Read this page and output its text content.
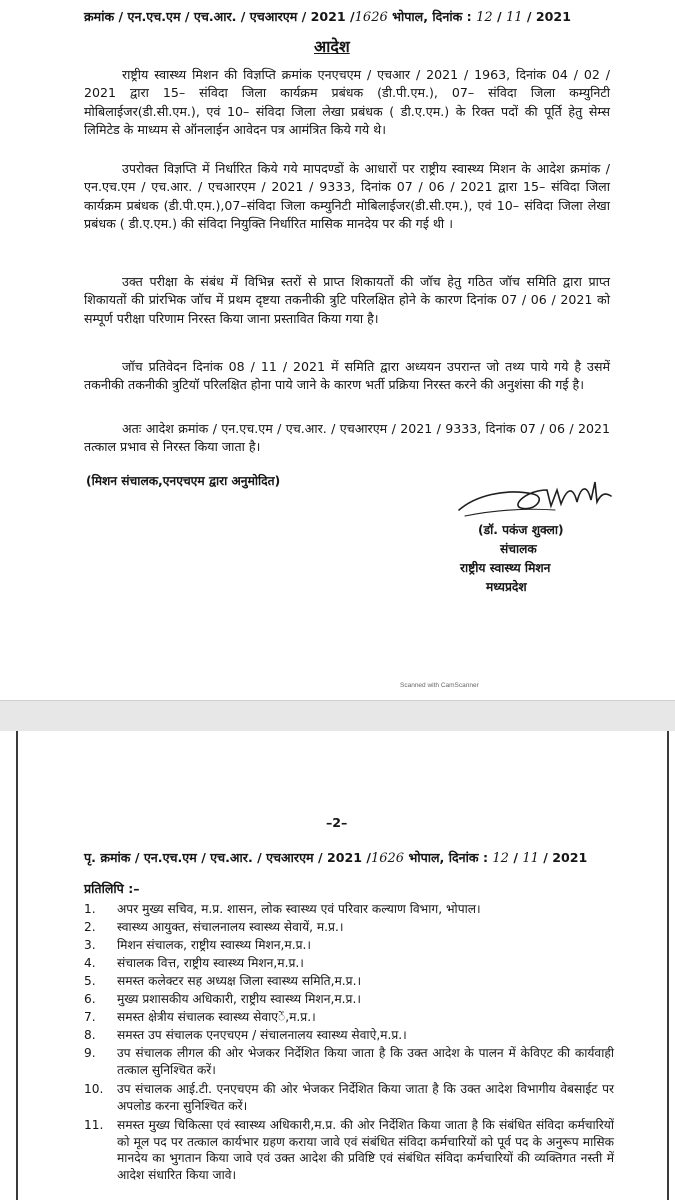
क्रमांक / एन.एच.एम / एच.आर. / एचआरएम / 2021 /1626 भोपाल, दिनांक : 12 / 11 / 2021
आदेश
राष्ट्रीय स्वास्थ्य मिशन की विज्ञप्ति क्रमांक एनएचएम / एचआर / 2021 / 1963, दिनांक 04 / 02 / 2021 द्वारा 15– संविदा जिला कार्यक्रम प्रबंधक (डी.पी.एम.), 07– संविदा जिला कम्युनिटी मोबिलाईजर(डी.सी.एम.), एवं 10– संविदा जिला लेखा प्रबंधक ( डी.ए.एम.) के रिक्त पदों की पूर्ति हेतु सेम्स लिमिटेड के माध्यम से ऑनलाईन आवेदन पत्र आमंत्रित किये गये थे।
उपरोक्त विज्ञप्ति में निर्धारित किये गये मापदण्डों के आधारों पर राष्ट्रीय स्वास्थ्य मिशन के आदेश क्रमांक / एन.एच.एम / एच.आर. / एचआरएम / 2021 / 9333, दिनांक 07 / 06 / 2021 द्वारा 15– संविदा जिला कार्यक्रम प्रबंधक (डी.पी.एम.),07–संविदा जिला कम्युनिटी मोबिलाईजर(डी.सी.एम.), एवं 10– संविदा जिला लेखा प्रबंधक ( डी.ए.एम.) की संविदा नियुक्ति निर्धारित मासिक मानदेय पर की गई थी ।
उक्त परीक्षा के संबंध में विभिन्न स्तरों से प्राप्त शिकायतों की जॉच हेतु गठित जॉच समिति द्वारा प्राप्त शिकायतों की प्रांरभिक जॉच में प्रथम दृष्टया तकनीकी त्रुटि परिलक्षित होने के कारण दिनांक 07 / 06 / 2021 को सम्पूर्ण परीक्षा परिणाम निरस्त किया जाना प्रस्तावित किया गया है।
जॉच प्रतिवेदन दिनांक 08 / 11 / 2021 में समिति द्वारा अध्ययन उपरान्त जो तथ्य पाये गये है उसमें तकनीकी तकनीकी त्रुटियॉ परिलक्षित होना पाये जाने के कारण भर्ती प्रक्रिया निरस्त करने की अनुशंसा की गई है।
अतः आदेश क्रमांक / एन.एच.एम / एच.आर. / एचआरएम / 2021 / 9333, दिनांक 07 / 06 / 2021 तत्काल प्रभाव से निरस्त किया जाता है।
(मिशन संचालक,एनएचएम द्वारा अनुमोदित)
(डॉ. पकंज शुक्ला)
संचालक
राष्ट्रीय स्वास्थ्य मिशन
मध्यप्रदेश
Scanned with CamScanner
–2–
पृ. क्रमांक / एन.एच.एम / एच.आर. / एचआरएम / 2021 /1626 भोपाल, दिनांक : 12 / 11 / 2021
प्रतिलिपि :–
1.	अपर मुख्य सचिव, म.प्र. शासन, लोक स्वास्थ्य एवं परिवार कल्याण विभाग, भोपाल।
2.	स्वास्थ्य आयुक्त, संचालनालय स्वास्थ्य सेवायें, म.प्र.।
3.	मिशन संचालक, राष्ट्रीय स्वास्थ्य मिशन,म.प्र.।
4.	संचालक वित्त, राष्ट्रीय स्वास्थ्य मिशन,म.प्र.।
5.	समस्त कलेक्टर सह अध्यक्ष जिला स्वास्थ्य समिति,म.प्र.।
6.	मुख्य प्रशासकीय अधिकारी, राष्ट्रीय स्वास्थ्य मिशन,म.प्र.।
7.	समस्त क्षेत्रीय संचालक स्वास्थ्य सेवाएें,म.प्र.।
8.	समस्त उप संचालक एनएचएम / संचालनालय स्वास्थ्य सेवाऐ,म.प्र.।
9.	उप संचालक लीगल की ओर भेजकर निर्देशित किया जाता है कि उक्त आदेश के पालन में केविएट की कार्यवाही तत्काल सुनिश्चित करें।
10.	उप संचालक आई.टी. एनएचएम की ओर भेजकर निर्देशित किया जाता है कि उक्त आदेश विभागीय वेबसाईट पर अपलोड करना सुनिश्चित करें।
11.	समस्त मुख्य चिकित्सा एवं स्वास्थ्य अधिकारी,म.प्र. की ओर निर्देशित किया जाता है कि संबंधित संविदा कर्मचारियों को मूल पद पर तत्काल कार्यभार ग्रहण कराया जावे एवं संबंधित संविदा कर्मचारियों को पूर्व पद के अनुरूप मासिक मानदेय का भुगतान किया जावे एवं उक्त आदेश की प्रविष्टि एवं संबंधित संविदा कर्मचारियों की व्यक्तिगत नस्ती में आदेश संधारित किया जावे।
